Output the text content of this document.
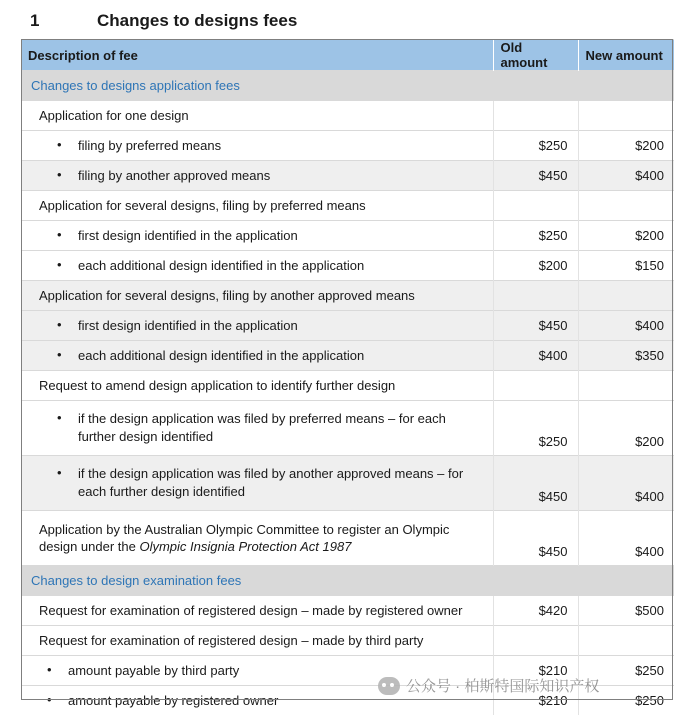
1	Changes to designs fees
Description of fee	Old amount	New amount
Changes to designs application fees		
Application for one design		

• filing by preferred means	$250	$200

• filing by another approved means	$450	$400
Application for several designs, filing by preferred means		

• first design identified in the application	$250	$200

• each additional design identified in the application	$200	$150
Application for several designs, filing by another approved means		

• first design identified in the application	$450	$400

• each additional design identified in the application	$400	$350
Request to amend design application to identify further design		

• if the design application was filed by preferred means – for each further design identified	$250	$200

• if the design application was filed by another approved means – for each further design identified	$450	$400
Application by the Australian Olympic Committee to register an Olympic design under the Olympic Insignia Protection Act 1987	$450	$400
Changes to design examination fees		
Request for examination of registered design – made by registered owner	$420	$500
Request for examination of registered design – made by third party		

• amount payable by third party	$210	$250

• amount payable by registered owner	$210	$250
公众号 · 柏斯特国际知识产权
